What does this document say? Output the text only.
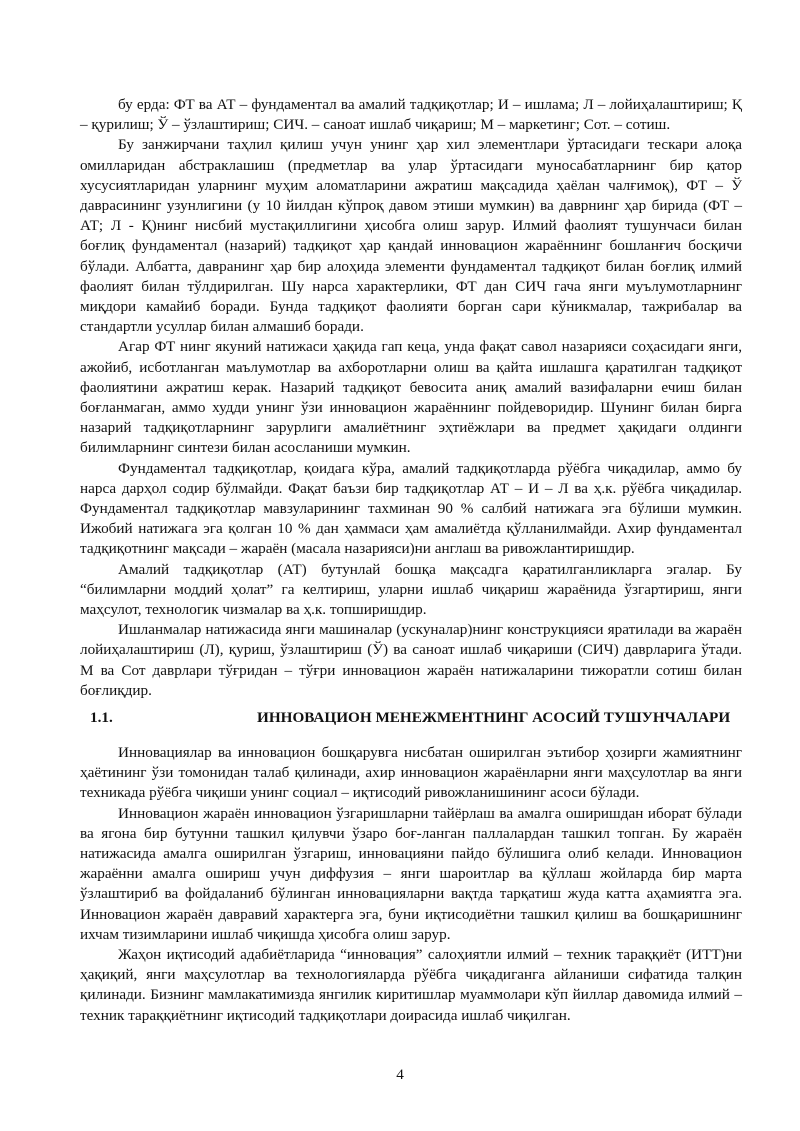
бу ерда: ФТ ва АТ – фундаментал ва амалий тадқиқотлар; И – ишлама; Л – лойиҳалаштириш; Қ – қурилиш; Ў – ўзлаштириш; СИЧ. – саноат ишлаб чиқариш; М – маркетинг; Сот. – сотиш.

Бу занжирчани таҳлил қилиш учун унинг ҳар хил элементлари ўртасидаги тескари алоқа омилларидан абстраклашиш (предметлар ва улар ўртасидаги муносабатларнинг бир қатор хусусиятларидан уларнинг муҳим аломатларини ажратиш мақсадида ҳаёлан чалғимоқ), ФТ – Ў даврасининг узунлигини (у 10 йилдан кўпроқ давом этиши мумкин) ва даврнинг ҳар бирида (ФТ – АТ; Л - Қ)нинг нисбий мустақиллигини ҳисобга олиш зарур. Илмий фаолият тушунчаси билан боғлиқ фундаментал (назарий) тадқиқот ҳар қандай инновацион жараённинг бошланғич босқичи бўлади. Албатта, давранинг ҳар бир алоҳида элементи фундаментал тадқиқот билан боғлиқ илмий фаолият билан тўлдирилган. Шу нарса характерлики, ФТ дан СИЧ гача янги муълумотларнинг миқдори камайиб боради. Бунда тадқиқот фаолияти борган сари кўникмалар, тажрибалар ва стандартли усуллар билан алмашиб боради.

Агар ФТ нинг якуний натижаси ҳақида гап кеца, унда фақат савол назарияси соҳасидаги янги, ажойиб, исботланган маълумотлар ва ахборотларни олиш ва қайта ишлашга қаратилган тадқиқот фаолиятини ажратиш керак. Назарий тадқиқот бевосита аниқ амалий вазифаларни ечиш билан боғланмаган, аммо худди унинг ўзи инновацион жараённинг пойдеворидир. Шунинг билан бирга назарий тадқиқотларнинг зарурлиги амалиётнинг эҳтиёжлари ва предмет ҳақидаги олдинги билимларнинг синтези билан асосланиши мумкин.

Фундаментал тадқиқотлар, қоидага кўра, амалий тадқиқотларда рўёбга чиқадилар, аммо бу нарса дарҳол содир бўлмайди. Фақат баъзи бир тадқиқотлар АТ – И – Л ва ҳ.к. рўёбга чиқадилар. Фундаментал тадқиқотлар мавзуларининг тахминан 90 % салбий натижага эга бўлиши мумкин. Ижобий натижага эга қолган 10 % дан ҳаммаси ҳам амалиётда қўлланилмайди. Ахир фундаментал тадқиқотнинг мақсади – жараён (масала назарияси)ни англаш ва ривожлантиришдир.

Амалий тадқиқотлар (АТ) бутунлай бошқа мақсадга қаратилганликларга эгалар. Бу “билимларни моддий ҳолат” га келтириш, уларни ишлаб чиқариш жараёнида ўзгартириш, янги маҳсулот, технологик чизмалар ва ҳ.к. топширишдир.

Ишланмалар натижасида янги машиналар (ускуналар)нинг конструкцияси яратилади ва жараён лойиҳалаштириш (Л), қуриш, ўзлаштириш (Ў) ва саноат ишлаб чиқариши (СИЧ) даврларига ўтади. М ва Сот даврлари тўғридан – тўғри инновацион жараён натижаларини тижоратли сотиш билан боғлиқдир.

1.1.	ИННОВАЦИОН МЕНЕЖМЕНТНИНГ АСОСИЙ ТУШУНЧАЛАРИ

Инновациялар ва инновацион бошқарувга нисбатан оширилган эътибор ҳозирги жамиятнинг ҳаётининг ўзи томонидан талаб қилинади, ахир инновацион жараёнларни янги маҳсулотлар ва янги техникада рўёбга чиқиши унинг социал – иқтисодий ривожланишининг асоси бўлади.

Инновацион жараён инновацион ўзгаришларни тайёрлаш ва амалга оширишдан иборат бўлади ва ягона бир бутунни ташкил қилувчи ўзаро боғ-ланган паллалардан ташкил топган. Бу жараён натижасида амалга оширилган ўзгариш, инновацияни пайдо бўлишига олиб келади. Инновацион жараённи амалга ошириш учун диффузия – янги шароитлар ва қўллаш жойларда бир марта ўзлаштириб ва фойдаланиб бўлинган инновацияларни вақтда тарқатиш жуда катта аҳамиятга эга. Инновацион жараён давравий характерга эга, буни иқтисодиётни ташкил қилиш ва бошқаришнинг ихчам тизимларини ишлаб чиқишда ҳисобга олиш зарур.

Жаҳон иқтисодий адабиётларида “инновация” салоҳиятли илмий – техник тараққиёт (ИТТ)ни ҳақиқий, янги маҳсулотлар ва технологияларда рўёбга чиқадиганга айланиши сифатида талқин қилинади. Бизнинг мамлакатимизда янгилик киритишлар муаммолари кўп йиллар давомида илмий – техник тараққиётнинг иқтисодий тадқиқотлари доирасида ишлаб чиқилган.

4
